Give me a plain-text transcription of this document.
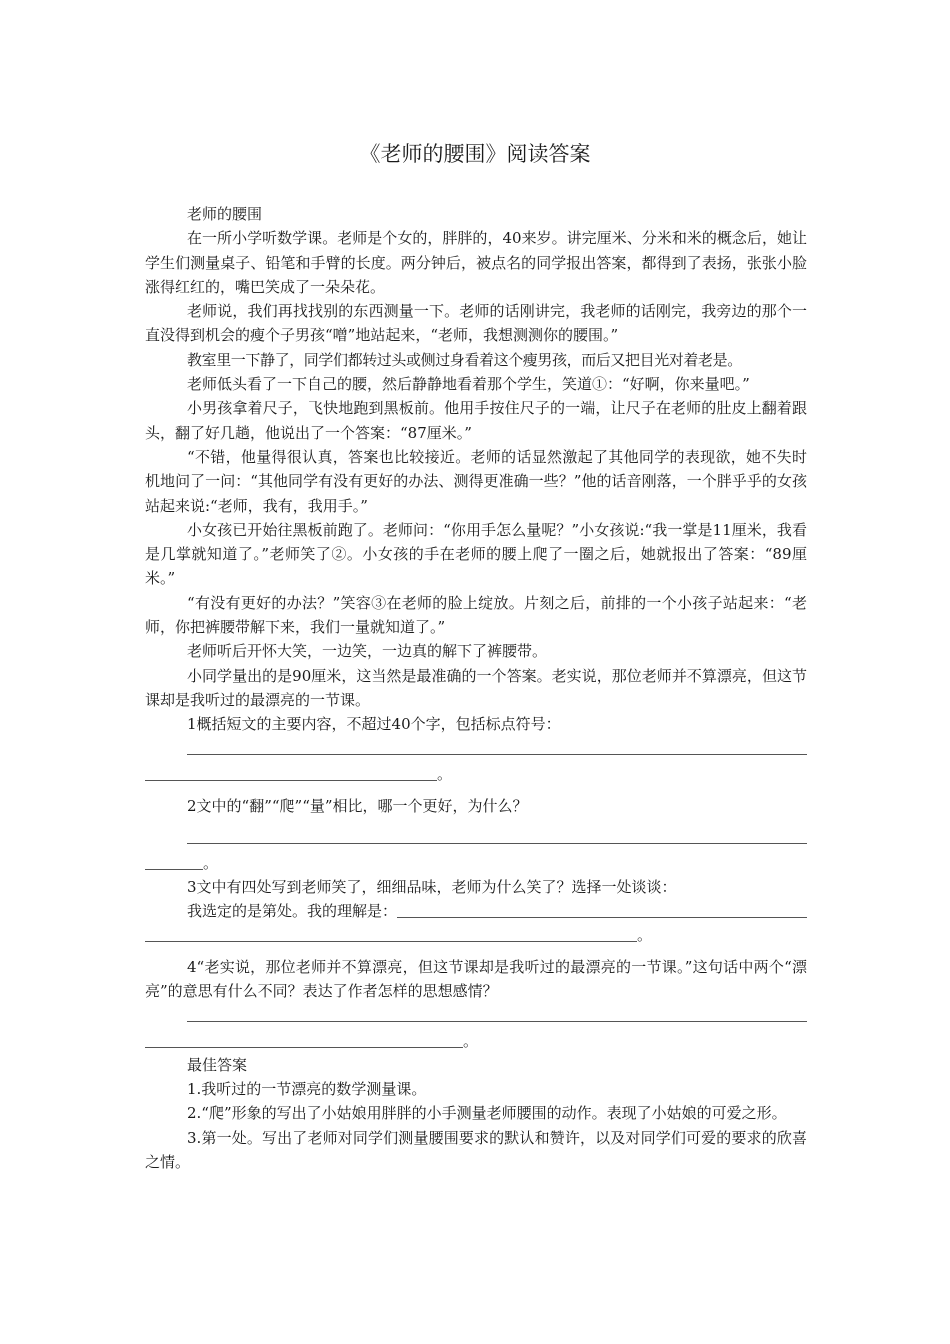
《老师的腰围》阅读答案

老师的腰围

在一所小学听数学课。老师是个女的，胖胖的，40来岁。讲完厘米、分米和米的概念后，她让学生们测量桌子、铅笔和手臂的长度。两分钟后，被点名的同学报出答案，都得到了表扬，张张小脸涨得红红的，嘴巴笑成了一朵朵花。

老师说，我们再找找别的东西测量一下。老师的话刚讲完，我老师的话刚完，我旁边的那个一直没得到机会的瘦个子男孩“噌”地站起来，“老师，我想测测你的腰围。”

教室里一下静了，同学们都转过头或侧过身看着这个瘦男孩，而后又把目光对着老是。

老师低头看了一下自己的腰，然后静静地看着那个学生，笑道①：“好啊，你来量吧。”

小男孩拿着尺子，飞快地跑到黑板前。他用手按住尺子的一端，让尺子在老师的肚皮上翻着跟头，翻了好几趟，他说出了一个答案：“87厘米。”

“不错，他量得很认真，答案也比较接近。老师的话显然激起了其他同学的表现欲，她不失时机地问了一问：“其他同学有没有更好的办法、测得更准确一些？”他的话音刚落，一个胖乎乎的女孩站起来说:“老师，我有，我用手。”

小女孩已开始往黑板前跑了。老师问：“你用手怎么量呢？”小女孩说:“我一掌是11厘米，我看是几掌就知道了。”老师笑了②。小女孩的手在老师的腰上爬了一圈之后，她就报出了答案：“89厘米。”

“有没有更好的办法？”笑容③在老师的脸上绽放。片刻之后，前排的一个小孩子站起来：“老师，你把裤腰带解下来，我们一量就知道了。”

老师听后开怀大笑，一边笑，一边真的解下了裤腰带。

小同学量出的是90厘米，这当然是最准确的一个答案。老实说，那位老师并不算漂亮，但这节课却是我听过的最漂亮的一节课。

1概括短文的主要内容，不超过40个字，包括标点符号：

。

2文中的“翻”“爬”“量”相比，哪一个更好，为什么？

。

3文中有四处写到老师笑了，细细品味，老师为什么笑了？选择一处谈谈：

我选定的是第处。我的理解是：
。

4“老实说，那位老师并不算漂亮，但这节课却是我听过的最漂亮的一节课。”这句话中两个“漂亮”的意思有什么不同？表达了作者怎样的思想感情？

。

最佳答案

1.我听过的一节漂亮的数学测量课。

2.“爬”形象的写出了小姑娘用胖胖的小手测量老师腰围的动作。表现了小姑娘的可爱之形。

3.第一处。写出了老师对同学们测量腰围要求的默认和赞许，以及对同学们可爱的要求的欣喜之情。
